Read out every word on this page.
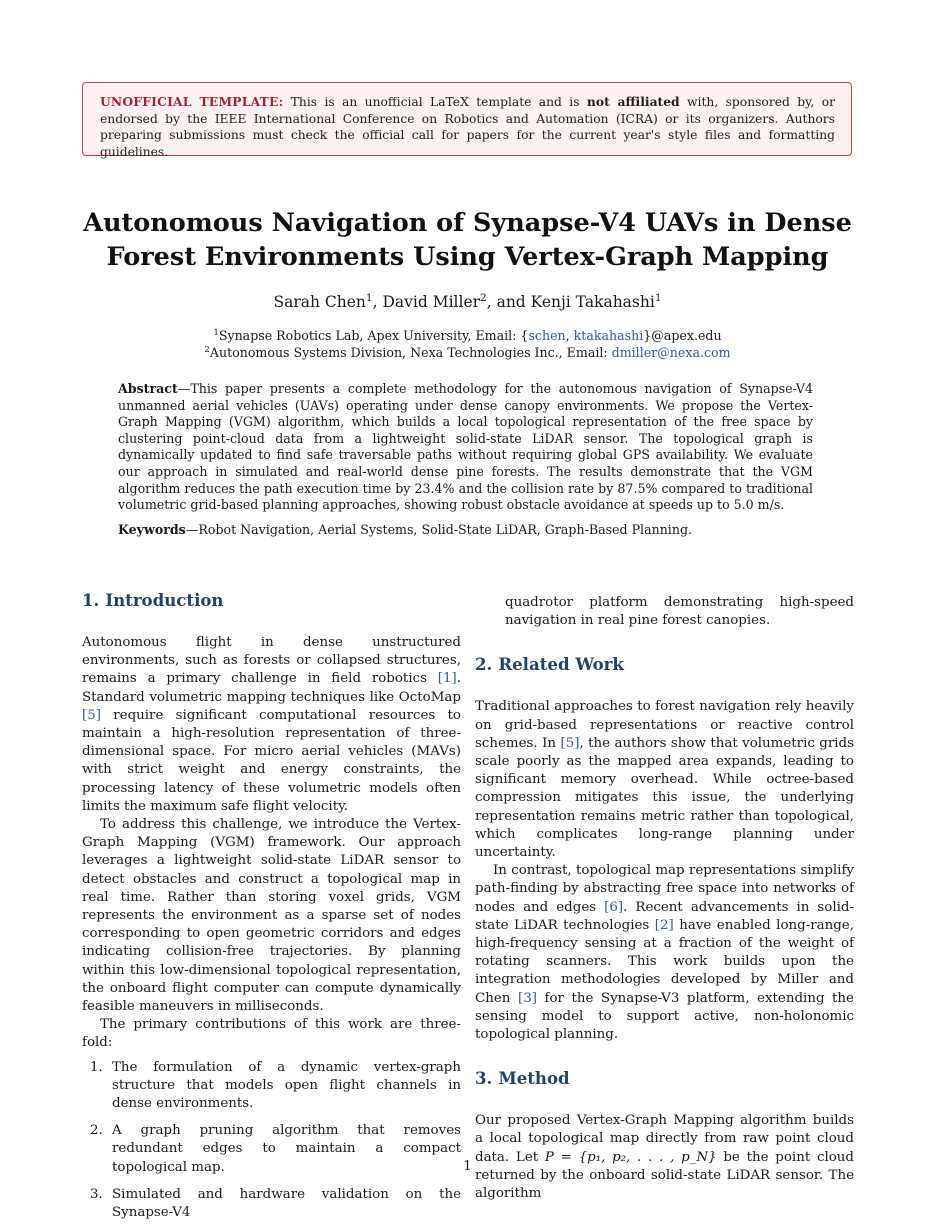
UNOFFICIAL TEMPLATE: This is an unofficial LaTeX template and is not affiliated with, sponsored by, or endorsed by the IEEE International Conference on Robotics and Automation (ICRA) or its organizers. Authors preparing submissions must check the official call for papers for the current year's style files and formatting guidelines.
Autonomous Navigation of Synapse-V4 UAVs in Dense
Forest Environments Using Vertex-Graph Mapping
Sarah Chen$^1$, David Miller$^2$, and Kenji Takahashi$^1$
$^1$Synapse Robotics Lab, Apex University, Email: {schen, ktakahashi}@apex.edu
$^2$Autonomous Systems Division, Nexa Technologies Inc., Email: dmiller@nexa.com
Abstract—This paper presents a complete methodology for the autonomous navigation of Synapse-V4 unmanned aerial vehicles (UAVs) operating under dense canopy environments. We propose the Vertex-Graph Mapping (VGM) algorithm, which builds a local topological representation of the free space by clustering point-cloud data from a lightweight solid-state LiDAR sensor. The topological graph is dynamically updated to find safe traversable paths without requiring global GPS availability. We evaluate our approach in simulated and real-world dense pine forests. The results demonstrate that the VGM algorithm reduces the path execution time by 23.4% and the collision rate by 87.5% compared to traditional volumetric grid-based planning approaches, showing robust obstacle avoidance at speeds up to 5.0 m/s.
Keywords—Robot Navigation, Aerial Systems, Solid-State LiDAR, Graph-Based Planning.
1. Introduction

Autonomous flight in dense unstructured environments, such as forests or collapsed structures, remains a primary challenge in field robotics [1]. Standard volumetric mapping techniques like OctoMap [5] require significant computational resources to maintain a high-resolution representation of three-dimensional space. For micro aerial vehicles (MAVs) with strict weight and energy constraints, the processing latency of these volumetric models often limits the maximum safe flight velocity.

To address this challenge, we introduce the Vertex-Graph Mapping (VGM) framework. Our approach leverages a lightweight solid-state LiDAR sensor to detect obstacles and construct a topological map in real time. Rather than storing voxel grids, VGM represents the environment as a sparse set of nodes corresponding to open geometric corridors and edges indicating collision-free trajectories. By planning within this low-dimensional topological representation, the onboard flight computer can compute dynamically feasible maneuvers in milliseconds.

The primary contributions of this work are three-fold:

1. The formulation of a dynamic vertex-graph structure that models open flight channels in dense environments.
2. A graph pruning algorithm that removes redundant edges to maintain a compact topological map.
3. Simulated and hardware validation on the Synapse-V4

quadrotor platform demonstrating high-speed navigation in real pine forest canopies.

2. Related Work

Traditional approaches to forest navigation rely heavily on grid-based representations or reactive control schemes. In [5], the authors show that volumetric grids scale poorly as the mapped area expands, leading to significant memory overhead. While octree-based compression mitigates this issue, the underlying representation remains metric rather than topological, which complicates long-range planning under uncertainty.

In contrast, topological map representations simplify path-finding by abstracting free space into networks of nodes and edges [6]. Recent advancements in solid-state LiDAR technologies [2] have enabled long-range, high-frequency sensing at a fraction of the weight of rotating scanners. This work builds upon the integration methodologies developed by Miller and Chen [3] for the Synapse-V3 platform, extending the sensing model to support active, non-holonomic topological planning.

3. Method

Our proposed Vertex-Graph Mapping algorithm builds a local topological map directly from raw point cloud data. Let P = {p₁, p₂, . . . , p_N} be the point cloud returned by the onboard solid-state LiDAR sensor. The algorithm

1
